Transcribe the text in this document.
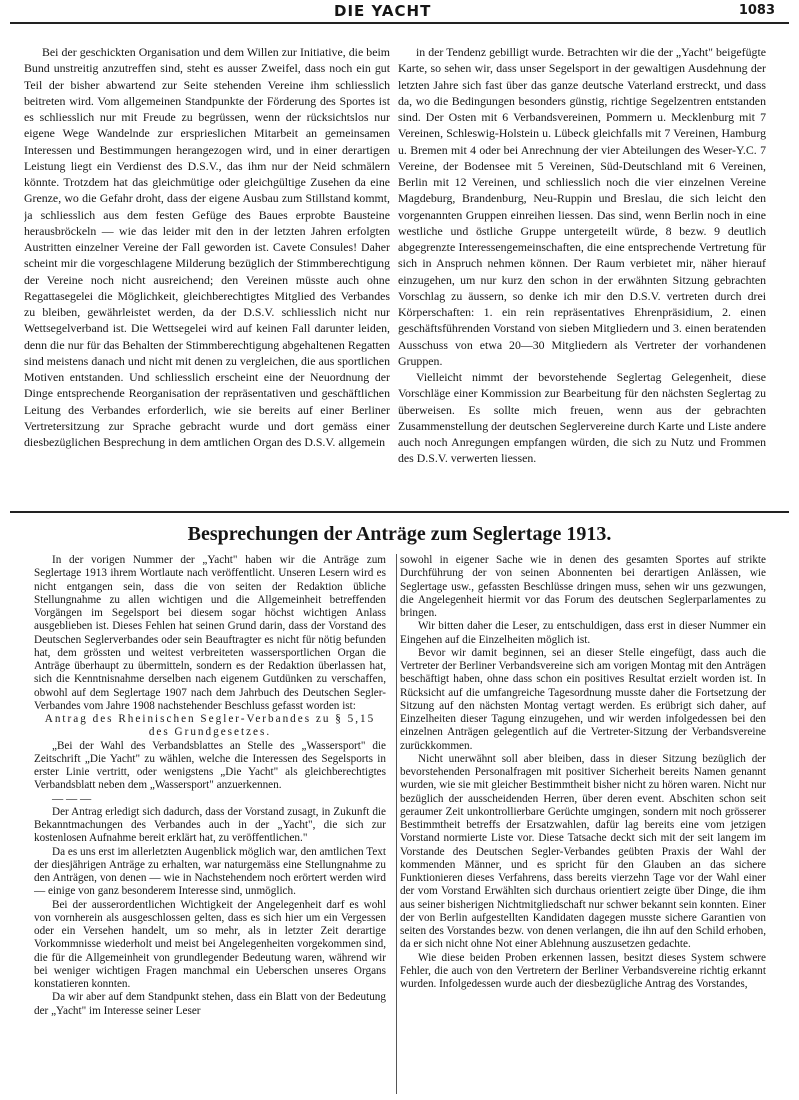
DIE YACHT	1083

Bei der geschickten Organisation und dem Willen zur Initiative, die beim Bund unstreitig anzutreffen sind, steht es ausser Zweifel, dass noch ein gut Teil der bisher abwartend zur Seite stehenden Vereine ihm schliesslich beitreten wird. Vom allgemeinen Standpunkte der Förderung des Sportes ist es schliesslich nur mit Freude zu begrüssen, wenn der rücksichtslos nur eigene Wege Wandelnde zur ersprieslichen Mitarbeit an gemeinsamen Interessen und Bestimmungen herangezogen wird, und in einer derartigen Leistung liegt ein Verdienst des D.S.V., das ihm nur der Neid schmälern könnte. Trotzdem hat das gleichmütige oder gleichgültige Zusehen da eine Grenze, wo die Gefahr droht, dass der eigene Ausbau zum Stillstand kommt, ja schliesslich aus dem festen Gefüge des Baues erprobte Bausteine herausbröckeln — wie das leider mit den in der letzten Jahren erfolgten Austritten einzelner Vereine der Fall geworden ist. Cavete Consules! Daher scheint mir die vorgeschlagene Milderung bezüglich der Stimmberechtigung der Vereine noch nicht ausreichend; den Vereinen müsste auch ohne Regattasegelei die Möglichkeit, gleichberechtigtes Mitglied des Verbandes zu bleiben, gewährleistet werden, da der D.S.V. schliesslich nicht nur Wettsegelverband ist. Die Wettsegelei wird auf keinen Fall darunter leiden, denn die nur für das Behalten der Stimmberechtigung abgehaltenen Regatten sind meistens danach und nicht mit denen zu vergleichen, die aus sportlichen Motiven entstanden. Und schliesslich erscheint eine der Neuordnung der Dinge entsprechende Reorganisation der repräsentativen und geschäftlichen Leitung des Verbandes erforderlich, wie sie bereits auf einer Berliner Vertretersitzung zur Sprache gebracht wurde und dort gemäss einer diesbezüglichen Besprechung in dem amtlichen Organ des D.S.V. allgemein

in der Tendenz gebilligt wurde. Betrachten wir die der „Yacht" beigefügte Karte, so sehen wir, dass unser Segelsport in der gewaltigen Ausdehnung der letzten Jahre sich fast über das ganze deutsche Vaterland erstreckt, und dass da, wo die Bedingungen besonders günstig, richtige Segelzentren entstanden sind. Der Osten mit 6 Verbandsvereinen, Pommern u. Mecklenburg mit 7 Vereinen, Schleswig-Holstein u. Lübeck gleichfalls mit 7 Vereinen, Hamburg u. Bremen mit 4 oder bei Anrechnung der vier Abteilungen des Weser-Y.C. 7 Vereine, der Bodensee mit 5 Vereinen, Süd-Deutschland mit 6 Vereinen, Berlin mit 12 Vereinen, und schliesslich noch die vier einzelnen Vereine Magdeburg, Brandenburg, Neu-Ruppin und Breslau, die sich leicht den vorgenannten Gruppen einreihen liessen. Das sind, wenn Berlin noch in eine westliche und östliche Gruppe untergeteilt würde, 8 bezw. 9 deutlich abgegrenzte Interessengemeinschaften, die eine entsprechende Vertretung für sich in Anspruch nehmen können. Der Raum verbietet mir, näher hierauf einzugehen, um nur kurz den schon in der erwähnten Sitzung gebrachten Vorschlag zu äussern, so denke ich mir den D.S.V. vertreten durch drei Körperschaften: 1. ein rein repräsentatives Ehrenpräsidium, 2. einen geschäftsführenden Vorstand von sieben Mitgliedern und 3. einen beratenden Ausschuss von etwa 20—30 Mitgliedern als Vertreter der vorhandenen Gruppen.

Vielleicht nimmt der bevorstehende Seglertag Gelegenheit, diese Vorschläge einer Kommission zur Bearbeitung für den nächsten Seglertag zu überweisen. Es sollte mich freuen, wenn aus der gebrachten Zusammenstellung der deutschen Seglervereine durch Karte und Liste andere auch noch Anregungen empfangen würden, die sich zu Nutz und Frommen des D.S.V. verwerten liessen.

Besprechungen der Anträge zum Seglertage 1913.

In der vorigen Nummer der „Yacht" haben wir die Anträge zum Seglertage 1913 ihrem Wortlaute nach veröffentlicht. Unseren Lesern wird es nicht entgangen sein, dass die von seiten der Redaktion übliche Stellungnahme zu allen wichtigen und die Allgemeinheit betreffenden Vorgängen im Segelsport bei diesem sogar höchst wichtigen Anlass ausgeblieben ist. Dieses Fehlen hat seinen Grund darin, dass der Vorstand des Deutschen Seglerverbandes oder sein Beauftragter es nicht für nötig befunden hat, dem grössten und weitest verbreiteten wassersportlichen Organ die Anträge überhaupt zu übermitteln, sondern es der Redaktion überlassen hat, sich die Kenntnisnahme derselben nach eigenem Gutdünken zu verschaffen, obwohl auf dem Seglertage 1907 nach dem Jahrbuch des Deutschen Segler-Verbandes vom Jahre 1908 nachstehender Beschluss gefasst worden ist:

Antrag des Rheinischen Segler-Verbandes zu § 5,15 des Grundgesetzes.

„Bei der Wahl des Verbandsblattes an Stelle des „Wassersport" die Zeitschrift „Die Yacht" zu wählen, welche die Interessen des Segelsports in erster Linie vertritt, oder wenigstens „Die Yacht" als gleichberechtigtes Verbandsblatt neben dem „Wassersport" anzuerkennen.

— — —

Der Antrag erledigt sich dadurch, dass der Vorstand zusagt, in Zukunft die Bekanntmachungen des Verbandes auch in der „Yacht", die sich zur kostenlosen Aufnahme bereit erklärt hat, zu veröffentlichen."

Da es uns erst im allerletzten Augenblick möglich war, den amtlichen Text der diesjährigen Anträge zu erhalten, war naturgemäss eine Stellungnahme zu den Anträgen, von denen — wie in Nachstehendem noch erörtert werden wird — einige von ganz besonderem Interesse sind, unmöglich.

Bei der ausserordentlichen Wichtigkeit der Angelegenheit darf es wohl von vornherein als ausgeschlossen gelten, dass es sich hier um ein Vergessen oder ein Versehen handelt, um so mehr, als in letzter Zeit derartige Vorkommnisse wiederholt und meist bei Angelegenheiten vorgekommen sind, die für die Allgemeinheit von grundlegender Bedeutung waren, während wir bei weniger wichtigen Fragen manchmal ein Ueberschen unseres Organs konstatieren konnten.

Da wir aber auf dem Standpunkt stehen, dass ein Blatt von der Bedeutung der „Yacht" im Interesse seiner Leser

sowohl in eigener Sache wie in denen des gesamten Sportes auf strikte Durchführung der von seinen Abonnenten bei derartigen Anlässen, wie Seglertage usw., gefassten Beschlüsse dringen muss, sehen wir uns gezwungen, die Angelegenheit hiermit vor das Forum des deutschen Seglerparlamentes zu bringen.

Wir bitten daher die Leser, zu entschuldigen, dass erst in dieser Nummer ein Eingehen auf die Einzelheiten möglich ist.

Bevor wir damit beginnen, sei an dieser Stelle eingefügt, dass auch die Vertreter der Berliner Verbandsvereine sich am vorigen Montag mit den Anträgen beschäftigt haben, ohne dass schon ein positives Resultat erzielt worden ist. In Rücksicht auf die umfangreiche Tagesordnung musste daher die Fortsetzung der Sitzung auf den nächsten Montag vertagt werden. Es erübrigt sich daher, auf Einzelheiten dieser Tagung einzugehen, und wir werden infolgedessen bei den einzelnen Anträgen gelegentlich auf die Vertreter-Sitzung der Verbandsvereine zurückkommen.

Nicht unerwähnt soll aber bleiben, dass in dieser Sitzung bezüglich der bevorstehenden Personalfragen mit positiver Sicherheit bereits Namen genannt wurden, wie sie mit gleicher Bestimmtheit bisher nicht zu hören waren. Nicht nur bezüglich der ausscheidenden Herren, über deren event. Abschiten schon seit geraumer Zeit unkontrollierbare Gerüchte umgingen, sondern mit noch grösserer Bestimmtheit betreffs der Ersatzwahlen, dafür lag bereits eine vom jetzigen Vorstand normierte Liste vor. Diese Tatsache deckt sich mit der seit langem im Vorstande des Deutschen Segler-Verbandes geübten Praxis der Wahl der kommenden Männer, und es spricht für den Glauben an das sichere Funktionieren dieses Verfahrens, dass bereits vierzehn Tage vor der Wahl einer der vom Vorstand Erwählten sich durchaus orientiert zeigte über Dinge, die ihm aus seiner bisherigen Nichtmitgliedschaft nur schwer bekannt sein konnten. Einer der von Berlin aufgestellten Kandidaten dagegen musste sichere Garantien von seiten des Vorstandes bezw. von denen verlangen, die ihn auf den Schild erhoben, da er sich nicht ohne Not einer Ablehnung auszusetzen gedachte.

Wie diese beiden Proben erkennen lassen, besitzt dieses System schwere Fehler, die auch von den Vertretern der Berliner Verbandsvereine richtig erkannt wurden. Infolgedessen wurde auch der diesbezügliche Antrag des Vorstandes,
